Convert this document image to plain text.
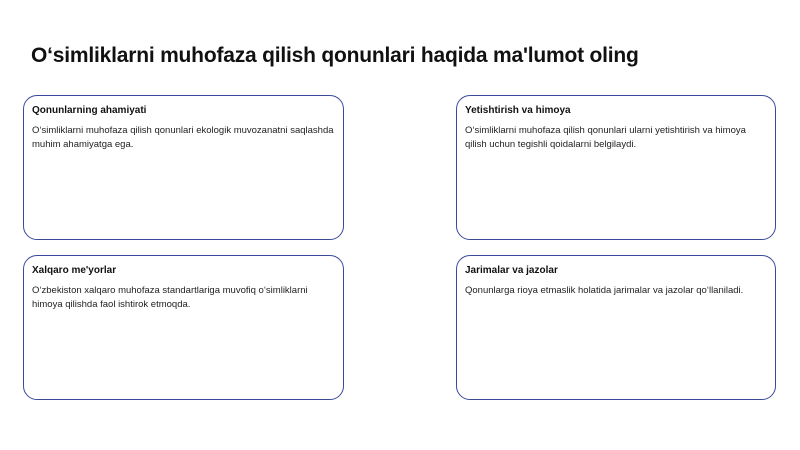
O‘simliklarni muhofaza qilish qonunlari haqida ma'lumot oling
Qonunlarning ahamiyati
O‘simliklarni muhofaza qilish qonunlari ekologik muvozanatni saqlashda muhim ahamiyatga ega.
Yetishtirish va himoya
O‘simliklarni muhofaza qilish qonunlari ularni yetishtirish va himoya qilish uchun tegishli qoidalarni belgilaydi.
Xalqaro me'yorlar
O‘zbekiston xalqaro muhofaza standartlariga muvofiq o‘simliklarni himoya qilishda faol ishtirok etmoqda.
Jarimalar va jazolar
Qonunlarga rioya etmaslik holatida jarimalar va jazolar qo‘llaniladi.
